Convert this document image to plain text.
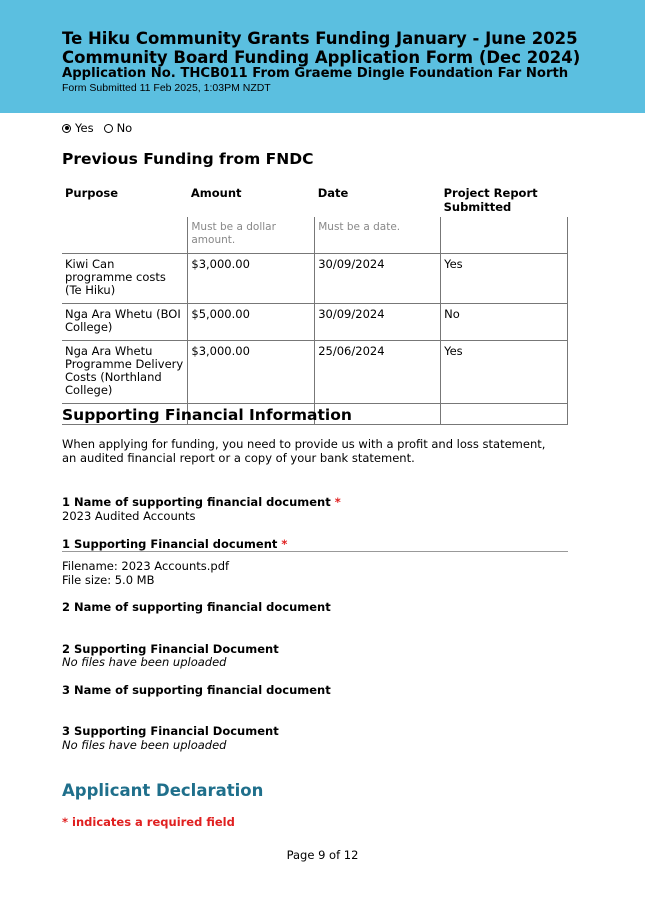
Te Hiku Community Grants Funding January - June 2025
Community Board Funding Application Form (Dec 2024)
Application No. THCB011 From Graeme Dingle Foundation Far North
Form Submitted 11 Feb 2025, 1:03PM NZDT
Yes No
Previous Funding from FNDC
Purpose	Amount	Date	Project Report Submitted
	Must be a dollar amount.	Must be a date.	
Kiwi Can programme costs (Te Hiku)	$3,000.00	30/09/2024	Yes
Nga Ara Whetu (BOI College)	$5,000.00	30/09/2024	No
Nga Ara Whetu Programme Delivery Costs (Northland College)	$3,000.00	25/06/2024	Yes

Supporting Financial Information
When applying for funding, you need to provide us with a profit and loss statement, an audited financial report or a copy of your bank statement.
1 Name of supporting financial document *
2023 Audited Accounts
1 Supporting Financial document *
Filename: 2023 Accounts.pdf
File size: 5.0 MB
2 Name of supporting financial document
2 Supporting Financial Document
No files have been uploaded
3 Name of supporting financial document
3 Supporting Financial Document
No files have been uploaded
Applicant Declaration
* indicates a required field
Page 9 of 12
